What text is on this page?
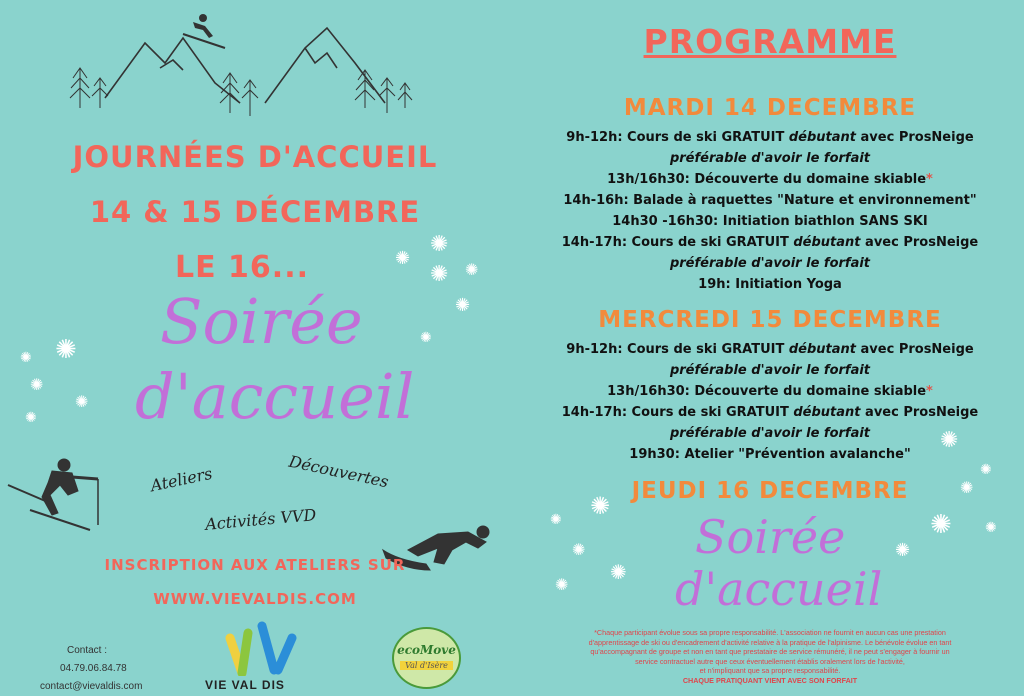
JOURNÉES D'ACCUEIL
14 & 15 DÉCEMBRE
LE 16...
Soirée
d'accueil
Ateliers	Découvertes
Activités VVD
INSCRIPTION AUX ATELIERS SUR
WWW.VIEVALDIS.COM
Contact :
04.79.06.84.78
contact@vievaldis.com	VIE VAL DIS
ecoMove
Val d'Isère
✺
✺
✺ ✺
✺
✺
✺
✺
✺
✺
✺
PROGRAMME
MARDI 14 DECEMBRE
9h-12h: Cours de ski GRATUIT débutant avec ProsNeige
préférable d'avoir le forfait
13h/16h30: Découverte du domaine skiable*
14h-16h: Balade à raquettes "Nature et environnement"
14h30 -16h30: Initiation biathlon SANS SKI
14h-17h: Cours de ski GRATUIT débutant avec ProsNeige
préférable d'avoir le forfait
19h: Initiation Yoga
MERCREDI 15 DECEMBRE
9h-12h: Cours de ski GRATUIT débutant avec ProsNeige
préférable d'avoir le forfait
13h/16h30: Découverte du domaine skiable*
14h-17h: Cours de ski GRATUIT débutant avec ProsNeige
préférable d'avoir le forfait
19h30: Atelier "Prévention avalanche"
JEUDI 16 DECEMBRE
Soirée
d'accueil
*Chaque participant évolue sous sa propre responsabilité. L'association ne fournit en aucun cas une prestation
d'apprentissage de ski ou d'encadrement d'activité relative à la pratique de l'alpinisme. Le bénévole évolue en tant
qu'accompagnant de groupe et non en tant que prestataire de service rémunéré, il ne peut s'engager à fournir un
service contractuel autre que ceux éventuellement établis oralement lors de l'activité,
et n'impliquant que sa propre responsabilité.
CHAQUE PRATIQUANT VIENT AVEC SON FORFAIT
✺
✺
✺
✺
✺
✺
✺
✺
✺
✺
✺
